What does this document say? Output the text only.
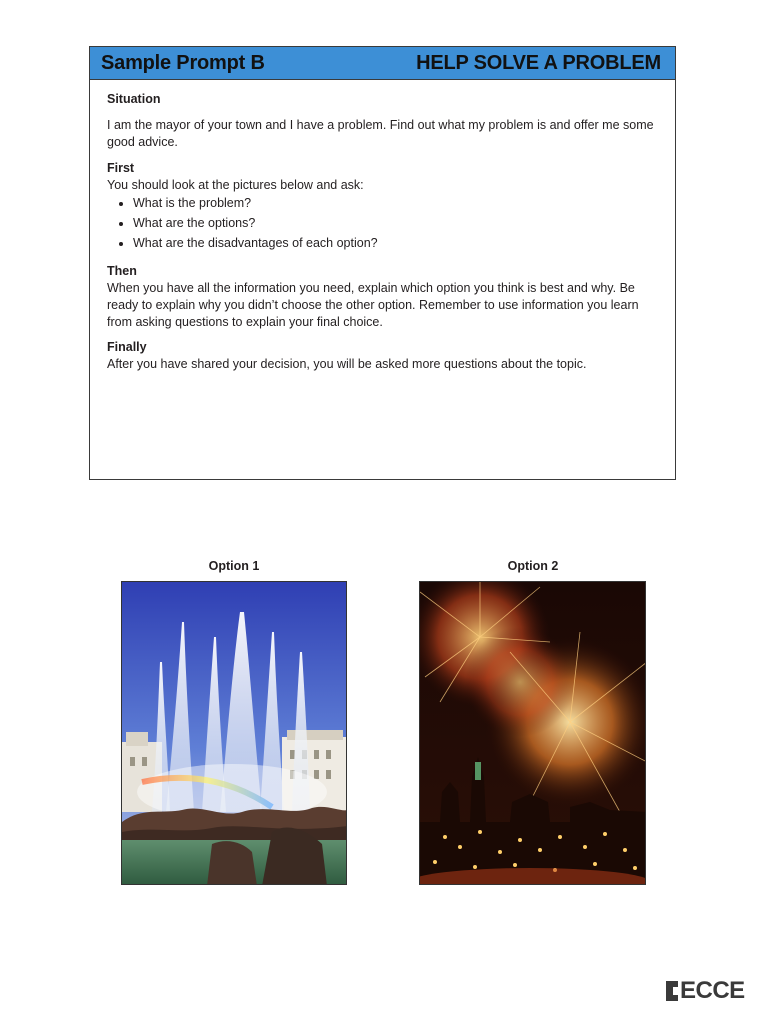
Sample Prompt B	HELP SOLVE A PROBLEM

Situation

I am the mayor of your town and I have a problem. Find out what my problem is and offer me some good advice.

First

You should look at the pictures below and ask:

• What is the problem?
• What are the options?
• What are the disadvantages of each option?

Then

When you have all the information you need, explain which option you think is best and why. Be ready to explain why you didn’t choose the other option. Remember to use information you learn from asking questions to explain your final choice.

Finally

After you have shared your decision, you will be asked more questions about the topic.

Option 1	Option 2
ECCE
